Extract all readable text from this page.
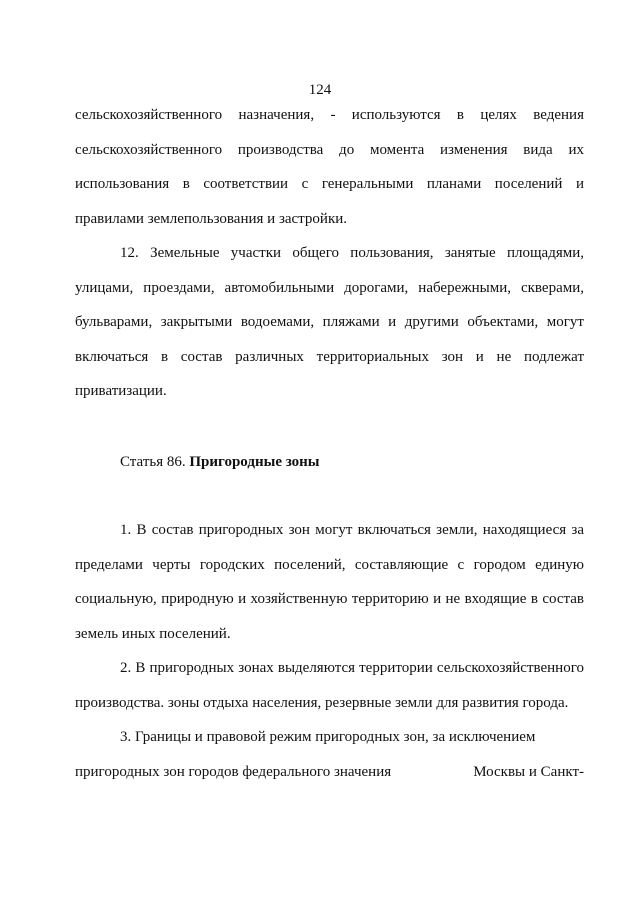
124

сельскохозяйственного назначения, - используются в целях ведения сельскохозяйственного производства до момента изменения вида их использования в соответствии с генеральными планами поселений и правилами землепользования и застройки.

12. Земельные участки общего пользования, занятые площадями, улицами, проездами, автомобильными дорогами, набережными, скверами, бульварами, закрытыми водоемами, пляжами и другими объектами, могут включаться в состав различных территориальных зон и не подлежат приватизации.

Статья 86. Пригородные зоны

1. В состав пригородных зон могут включаться земли, находящиеся за пределами черты городских поселений, составляющие с городом единую социальную, природную и хозяйственную территорию и не входящие в состав земель иных поселений.

2. В пригородных зонах выделяются территории сельскохозяйственного производства. зоны отдыха населения, резервные земли для развития города.

3. Границы и правовой режим пригородных зон, за исключением

пригородных зон городов федерального значения	Москвы и Санкт-
